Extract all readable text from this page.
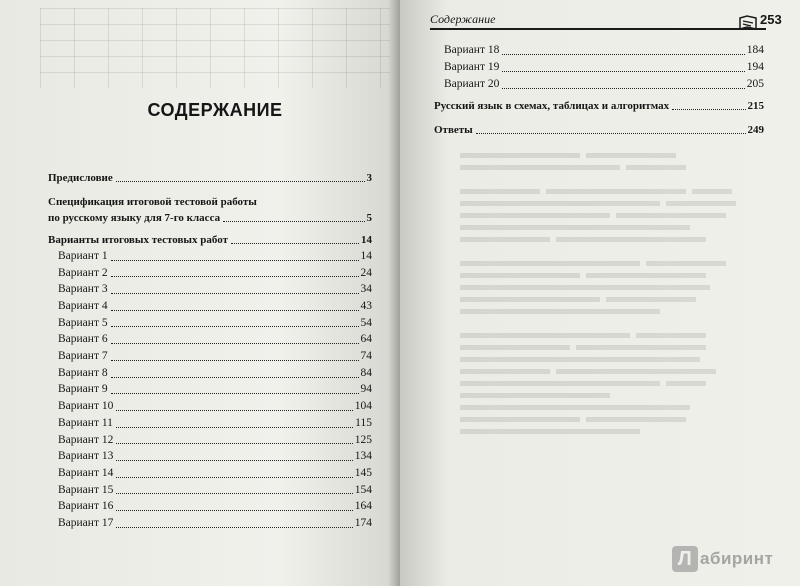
СОДЕРЖАНИЕ
Предисловие	3
Спецификация итоговой тестовой работы
по русскому языку для 7-го класса	5
Варианты итоговых тестовых работ	14
Вариант 1	14
Вариант 2	24
Вариант 3	34
Вариант 4	43
Вариант 5	54
Вариант 6	64
Вариант 7	74
Вариант 8	84
Вариант 9	94
Вариант 10	104
Вариант 11	115
Вариант 12	125
Вариант 13	134
Вариант 14	145
Вариант 15	154
Вариант 16	164
Вариант 17	174
Содержание	253
Вариант 18	184
Вариант 19	194
Вариант 20	205
Русский язык в схемах, таблицах и алгоритмах	215
Ответы	249
Л абиринт
